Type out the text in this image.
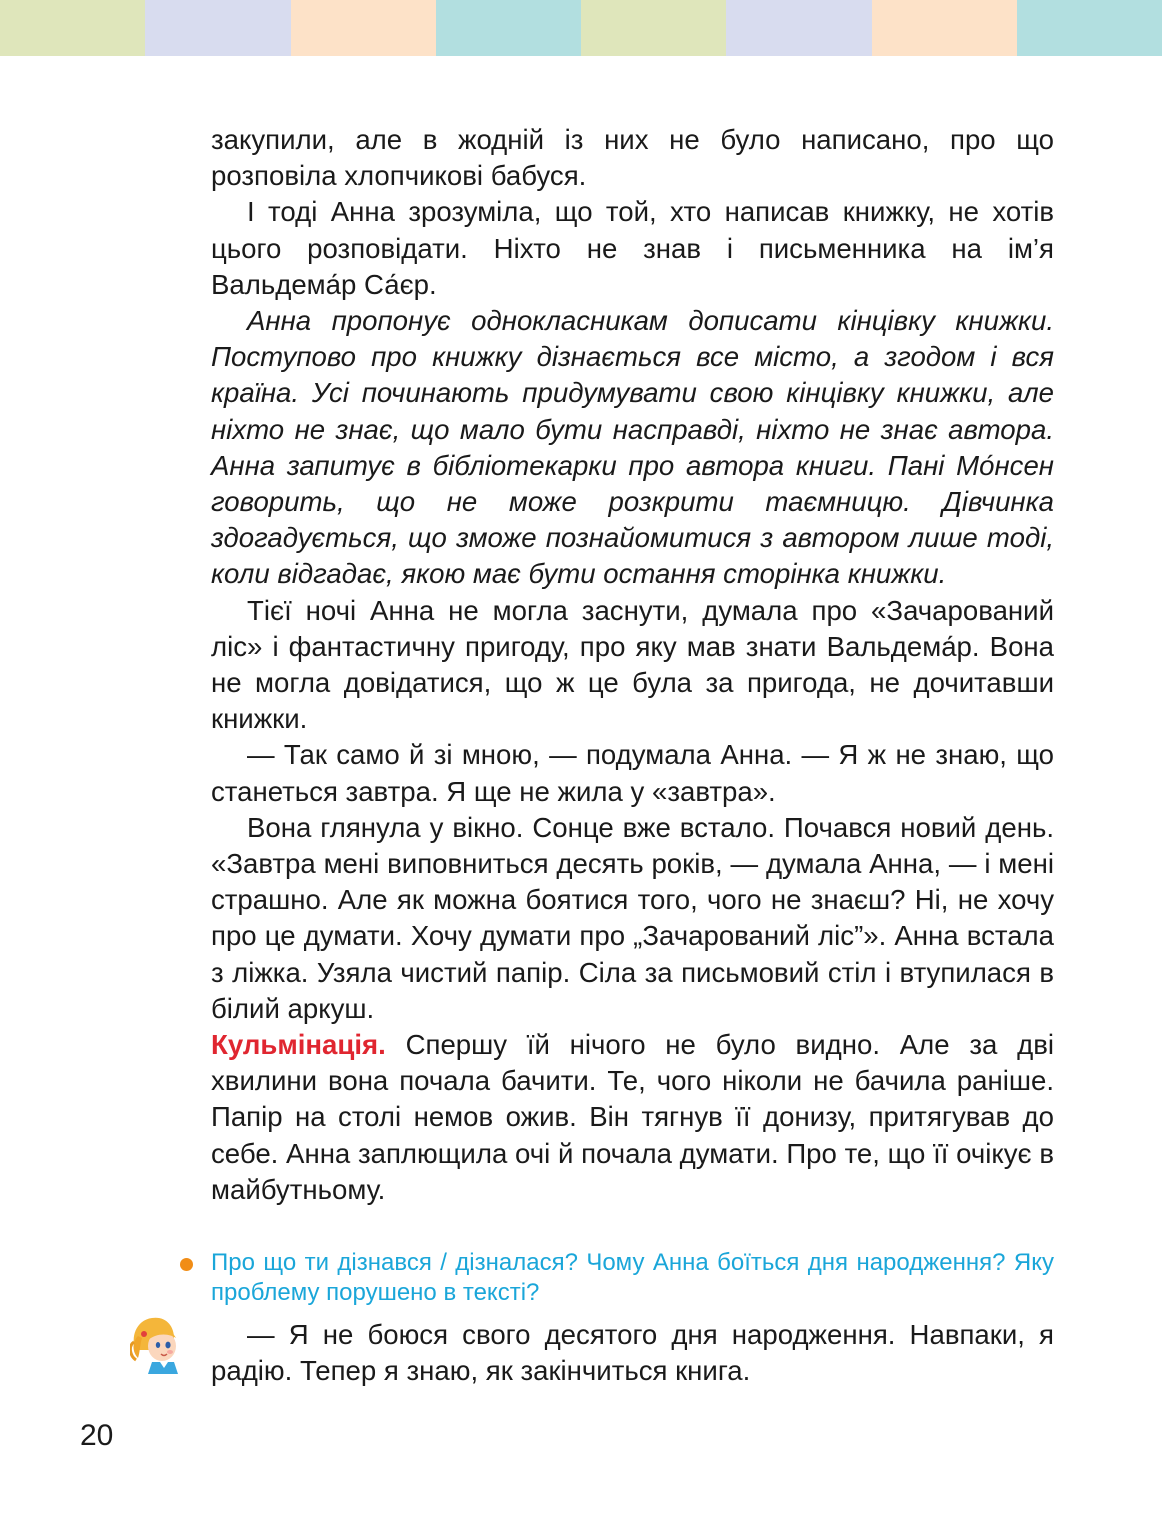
закупили, але в жодній із них не було написано, про що розповіла хлопчикові бабуся.

І тоді Анна зрозуміла, що той, хто написав книжку, не хотів цього розповідати. Ніхто не знав і письменника на ім’я Вальдема́р Са́єр.

Анна пропонує однокласникам дописати кінцівку книжки. Поступово про книжку дізнається все місто, а згодом і вся країна. Усі починають придумувати свою кінцівку книжки, але ніхто не знає, що мало бути насправді, ніхто не знає автора. Анна запитує в бібліотекарки про автора книги. Пані Мо́нсен говорить, що не може розкрити таємницю. Дівчинка здогадується, що зможе познайомитися з автором лише тоді, коли відгадає, якою має бути остання сторінка книжки.

Тієї ночі Анна не могла заснути, думала про «Зачарований ліс» і фантастичну пригоду, про яку мав знати Вальдема́р. Вона не могла довідатися, що ж це була за пригода, не дочитавши книжки.

— Так само й зі мною, — подумала Анна. — Я ж не знаю, що станеться завтра. Я ще не жила у «завтра».

Вона глянула у вікно. Сонце вже встало. Почався новий день. «Завтра мені виповниться десять років, — думала Анна, — і мені страшно. Але як можна боятися того, чого не знаєш? Ні, не хочу про це думати. Хочу думати про „Зачарований ліс”». Анна встала з ліжка. Узяла чистий папір. Сіла за письмовий стіл і втупилася в білий аркуш.
Кульмінація. Спершу їй нічого не було видно. Але за дві хвилини вона почала бачити. Те, чого ніколи не бачила раніше. Папір на столі немов ожив. Він тягнув її донизу, притягував до себе. Анна заплющила очі й почала думати. Про те, що її очікує в майбутньому.

Про що ти дізнався / дізналася? Чому Анна боїться дня народження? Яку проблему порушено в тексті?

— Я не боюся свого десятого дня народження. Навпаки, я радію. Тепер я знаю, як закінчиться книга.

20
